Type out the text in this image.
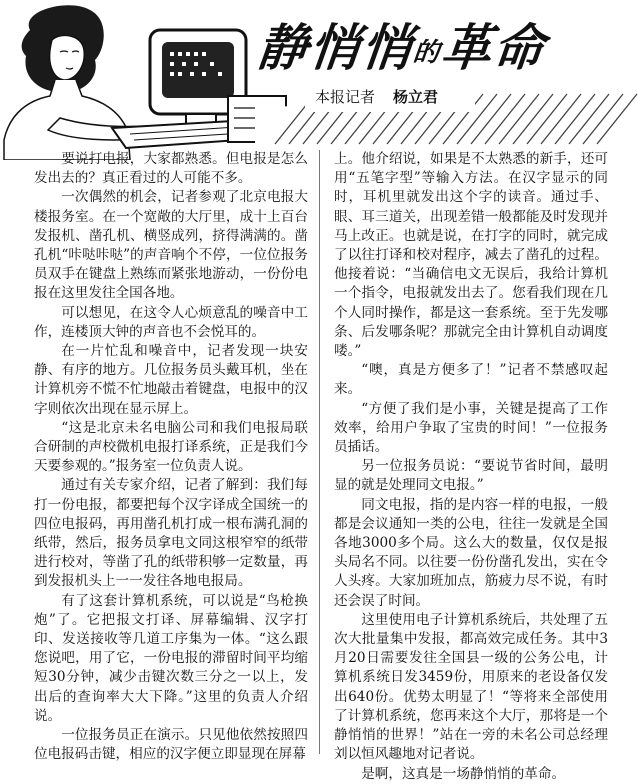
静悄悄的革命
本报记者 杨立君

要说打电报，大家都熟悉。但电报是怎么发出去的？真正看过的人可能不多。

一次偶然的机会，记者参观了北京电报大楼报务室。在一个宽敞的大厅里，成十上百台发报机、凿孔机、横竖成列，挤得满满的。凿孔机“咔哒咔哒”的声音响个不停，一位位报务员双手在键盘上熟练而紧张地游动，一份份电报在这里发往全国各地。

可以想见，在这令人心烦意乱的噪音中工作，连楼顶大钟的声音也不会悦耳的。

在一片忙乱和噪音中，记者发现一块安静、有序的地方。几位报务员头戴耳机，坐在计算机旁不慌不忙地敲击着键盘，电报中的汉字则依次出现在显示屏上。

“这是北京未名电脑公司和我们电报局联合研制的声校微机电报打译系统，正是我们今天要参观的。”报务室一位负责人说。

通过有关专家介绍，记者了解到：我们每打一份电报，都要把每个汉字译成全国统一的四位电报码，再用凿孔机打成一根布满孔洞的纸带，然后，报务员拿电文同这根窄窄的纸带进行校对，等凿了孔的纸带积够一定数量，再到发报机头上一一发往各地电报局。

有了这套计算机系统，可以说是“鸟枪换炮”了。它把报文打译、屏幕编辑、汉字打印、发送接收等几道工序集为一体。“这么跟您说吧，用了它，一份电报的滞留时间平均缩短30分钟，减少击键次数三分之一以上，发出后的查询率大大下降。”这里的负责人介绍说。

一位报务员正在演示。只见他依然按照四位电报码击键，相应的汉字便立即显现在屏幕

上。他介绍说，如果是不太熟悉的新手，还可用“五笔字型”等输入方法。在汉字显示的同时，耳机里就发出这个字的读音。通过手、眼、耳三道关，出现差错一般都能及时发现并马上改正。也就是说，在打字的同时，就完成了以往打译和校对程序，减去了凿孔的过程。他接着说：“当确信电文无误后，我给计算机一个指令，电报就发出去了。您看我们现在几个人同时操作，都是这一套系统。至于先发哪条、后发哪条呢？那就完全由计算机自动调度喽。”

“噢，真是方便多了！”记者不禁感叹起来。

“方便了我们是小事，关键是提高了工作效率，给用户争取了宝贵的时间！”一位报务员插话。

另一位报务员说：“要说节省时间，最明显的就是处理同文电报。”

同文电报，指的是内容一样的电报，一般都是会议通知一类的公电，往往一发就是全国各地3000多个局。这么大的数量，仅仅是报头局名不同。以往要一份份凿孔发出，实在令人头疼。大家加班加点，筋疲力尽不说，有时还会误了时间。

这里使用电子计算机系统后，共处理了五次大批量集中发报，都高效完成任务。其中3月20日需要发往全国县一级的公务公电，计算机系统日发3459份，用原来的老设备仅发出640份。优势太明显了！“等将来全部使用了计算机系统，您再来这个大厅，那将是一个静悄悄的世界！”站在一旁的未名公司总经理刘以恒风趣地对记者说。

是啊，这真是一场静悄悄的革命。
